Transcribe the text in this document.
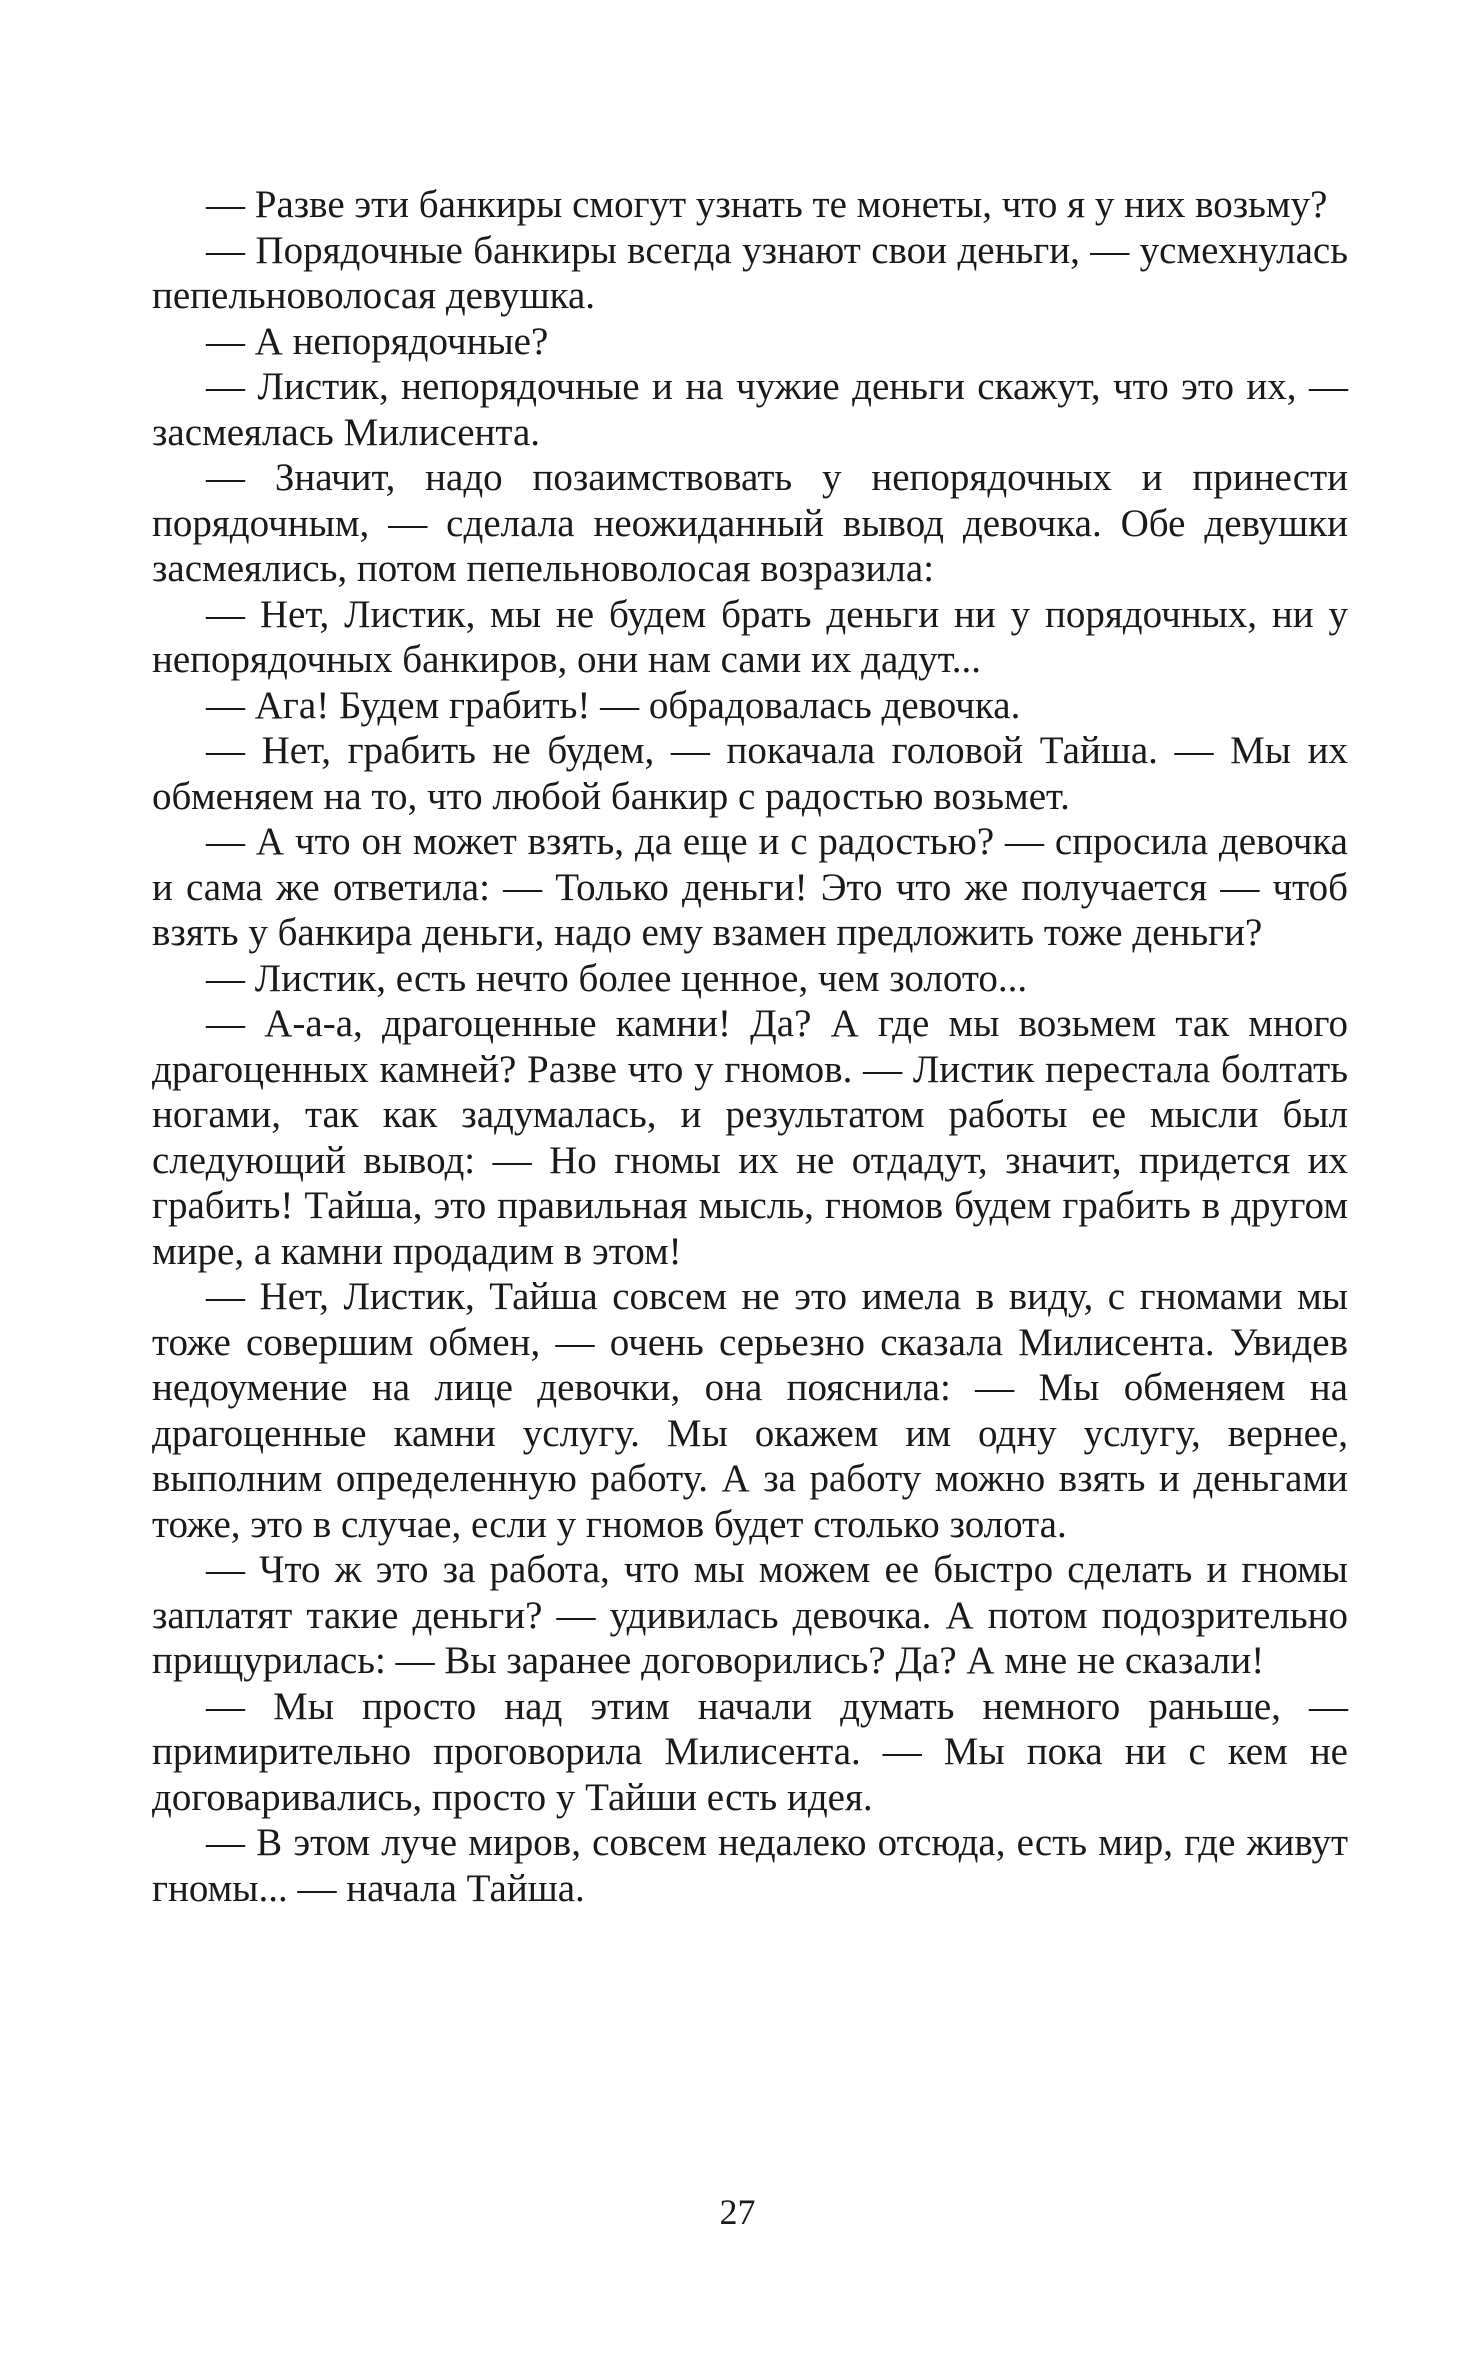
— Разве эти банкиры смогут узнать те монеты, что я у них возьму?

— Порядочные банкиры всегда узнают свои деньги, — усмехнулась пепельноволосая девушка.

— А непорядочные?

— Листик, непорядочные и на чужие деньги скажут, что это их, — засмеялась Милисента.

— Значит, надо позаимствовать у непорядочных и принести порядочным, — сделала неожиданный вывод девочка. Обе девушки засмеялись, потом пепельноволосая возразила:

— Нет, Листик, мы не будем брать деньги ни у порядочных, ни у непорядочных банкиров, они нам сами их дадут...

— Ага! Будем грабить! — обрадовалась девочка.

— Нет, грабить не будем, — покачала головой Тайша. — Мы их обменяем на то, что любой банкир с радостью возьмет.

— А что он может взять, да еще и с радостью? — спросила девочка и сама же ответила: — Только деньги! Это что же получается — чтоб взять у банкира деньги, надо ему взамен предложить тоже деньги?

— Листик, есть нечто более ценное, чем золото...

— А-а-а, драгоценные камни! Да? А где мы возьмем так много драгоценных камней? Разве что у гномов. — Листик перестала болтать ногами, так как задумалась, и результатом работы ее мысли был следующий вывод: — Но гномы их не отдадут, значит, придется их грабить! Тайша, это правильная мысль, гномов будем грабить в другом мире, а камни продадим в этом!

— Нет, Листик, Тайша совсем не это имела в виду, с гномами мы тоже совершим обмен, — очень серьезно сказала Милисента. Увидев недоумение на лице девочки, она пояснила: — Мы обменяем на драгоценные камни услугу. Мы окажем им одну услугу, вернее, выполним определенную работу. А за работу можно взять и деньгами тоже, это в случае, если у гномов будет столько золота.

— Что ж это за работа, что мы можем ее быстро сделать и гномы заплатят такие деньги? — удивилась девочка. А потом подозрительно прищурилась: — Вы заранее договорились? Да? А мне не сказали!

— Мы просто над этим начали думать немного раньше, — примирительно проговорила Милисента. — Мы пока ни с кем не договаривались, просто у Тайши есть идея.

— В этом луче миров, совсем недалеко отсюда, есть мир, где живут гномы... — начала Тайша.

27
